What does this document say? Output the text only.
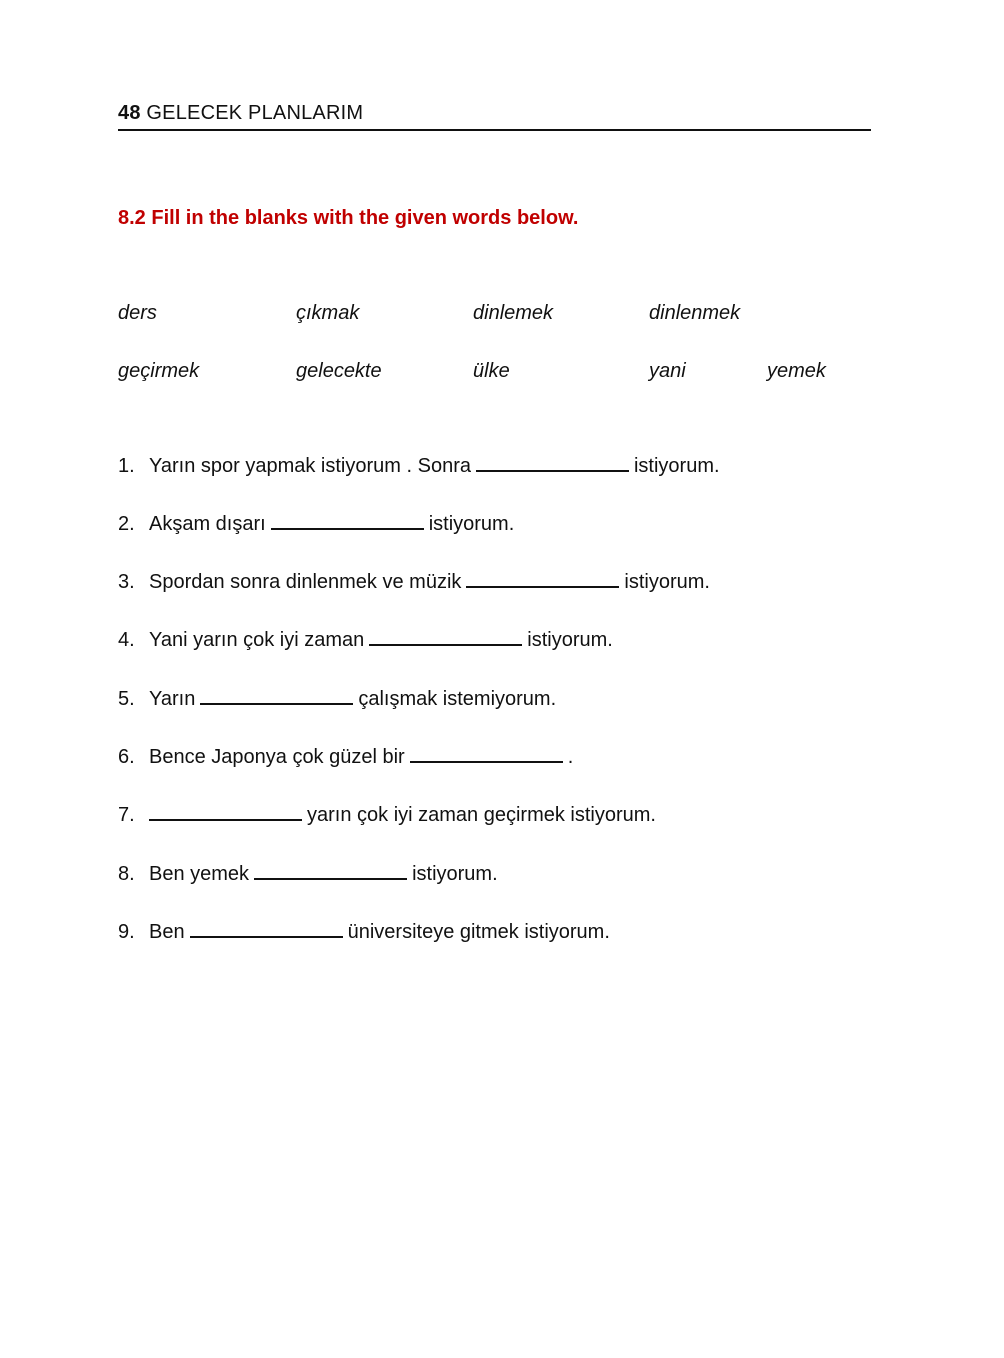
48 GELECEK PLANLARIM
8.2 Fill in the blanks with the given words below.
ders	çıkmak	dinlemek	dinlenmek
geçirmek	gelecekte	ülke	yani	yemek
1. Yarın spor yapmak istiyorum . Sonra	istiyorum.
2. Akşam dışarı	istiyorum.
3. Spordan sonra dinlenmek ve müzik	istiyorum.
4. Yani yarın çok iyi zaman	istiyorum.
5. Yarın	çalışmak istemiyorum.
6. Bence Japonya çok güzel bir	.
7.	yarın çok iyi zaman geçirmek istiyorum.
8. Ben yemek	istiyorum.
9. Ben	üniversiteye gitmek istiyorum.
